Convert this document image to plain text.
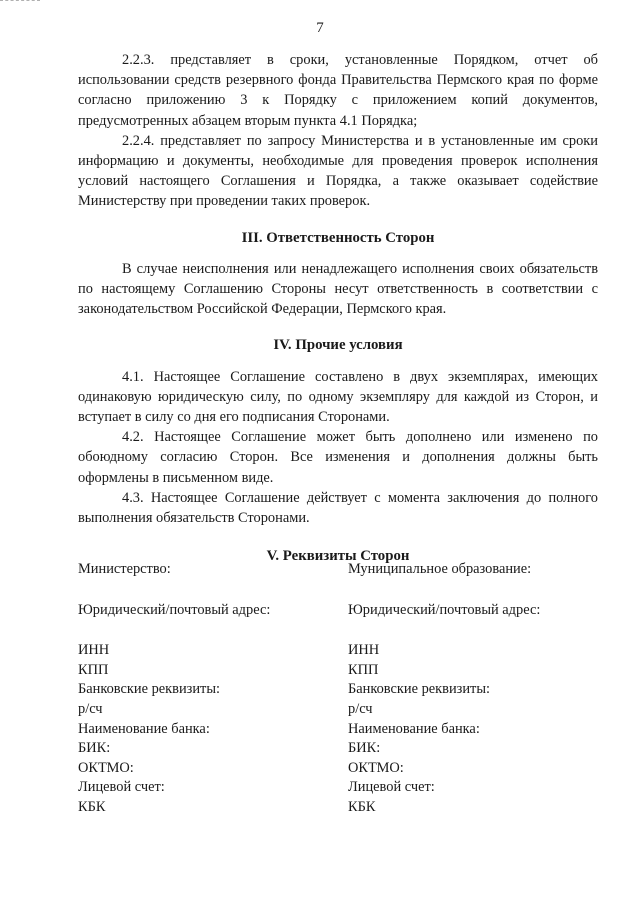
7

2.2.3. представляет в сроки, установленные Порядком, отчет об использовании средств резервного фонда Правительства Пермского края по форме согласно приложению 3 к Порядку с приложением копий документов, предусмотренных абзацем вторым пункта 4.1 Порядка;

2.2.4. представляет по запросу Министерства и в установленные им сроки информацию и документы, необходимые для проведения проверок исполнения условий настоящего Соглашения и Порядка, а также оказывает содействие Министерству при проведении таких проверок.

III. Ответственность Сторон

В случае неисполнения или ненадлежащего исполнения своих обязательств по настоящему Соглашению Стороны несут ответственность в соответствии с законодательством Российской Федерации, Пермского края.

IV. Прочие условия

4.1. Настоящее Соглашение составлено в двух экземплярах, имеющих одинаковую юридическую силу, по одному экземпляру для каждой из Сторон, и вступает в силу со дня его подписания Сторонами.

4.2. Настоящее Соглашение может быть дополнено или изменено по обоюдному согласию Сторон. Все изменения и дополнения должны быть оформлены в письменном виде.

4.3. Настоящее Соглашение действует с момента заключения до полного выполнения обязательств Сторонами.

V. Реквизиты Сторон

Министерство:

Юридический/почтовый адрес:

ИНН

КПП

Банковские реквизиты:

р/сч

Наименование банка:

БИК:

ОКТМО:

Лицевой счет:

КБК

Муниципальное образование:

Юридический/почтовый адрес:

ИНН

КПП

Банковские реквизиты:

р/сч

Наименование банка:

БИК:

ОКТМО:

Лицевой счет:

КБК
